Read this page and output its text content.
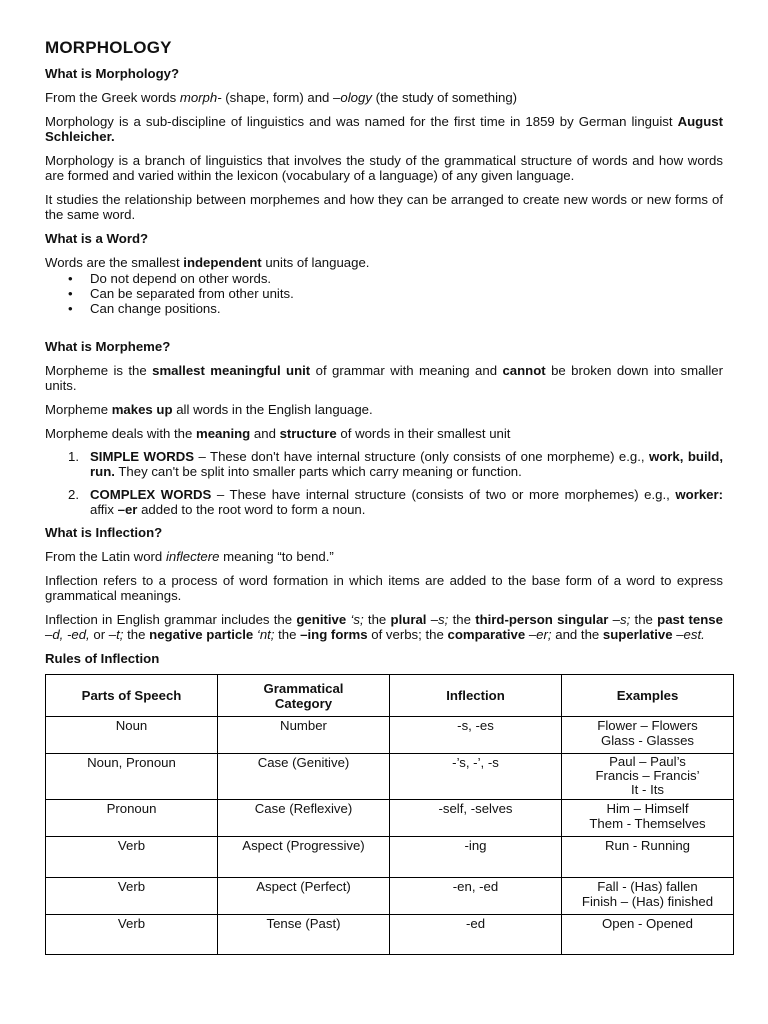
MORPHOLOGY
What is Morphology?

From the Greek words morph- (shape, form) and –ology (the study of something)

Morphology is a sub-discipline of linguistics and was named for the first time in 1859 by German linguist August Schleicher.

Morphology is a branch of linguistics that involves the study of the grammatical structure of words and how words are formed and varied within the lexicon (vocabulary of a language) of any given language.

It studies the relationship between morphemes and how they can be arranged to create new words or new forms of the same word.

What is a Word?

Words are the smallest independent units of language.

• Do not depend on other words.
• Can be separated from other units.
• Can change positions.
What is Morpheme?

Morpheme is the smallest meaningful unit of grammar with meaning and cannot be broken down into smaller units.

Morpheme makes up all words in the English language.

Morpheme deals with the meaning and structure of words in their smallest unit

1. SIMPLE WORDS – These don't have internal structure (only consists of one morpheme) e.g., work, build, run. They can't be split into smaller parts which carry meaning or function.
2. COMPLEX WORDS – These have internal structure (consists of two or more morphemes) e.g., worker: affix –er added to the root word to form a noun.
What is Inflection?

From the Latin word inflectere meaning “to bend.”

Inflection refers to a process of word formation in which items are added to the base form of a word to express grammatical meanings.

Inflection in English grammar includes the genitive ‘s; the plural –s; the third-person singular –s; the past tense –d, -ed, or –t; the negative particle ‘nt; the –ing forms of verbs; the comparative –er; and the superlative –est.

Rules of Inflection
Parts of Speech	Grammatical Category	Inflection	Examples
Noun	Number	-s, -es	Flower – Flowers
Glass - Glasses

Noun, Pronoun	Case (Genitive)	-’s, -’, -s	Paul – Paul’s
Francis – Francis’
It - Its

Pronoun	Case (Reflexive)	-self, -selves	Him – Himself
Them - Themselves

Verb	Aspect (Progressive)	-ing	Run - Running

Verb	Aspect (Perfect)	-en, -ed	Fall - (Has) fallen
Finish – (Has) finished

Verb	Tense (Past)	-ed	Open - Opened
